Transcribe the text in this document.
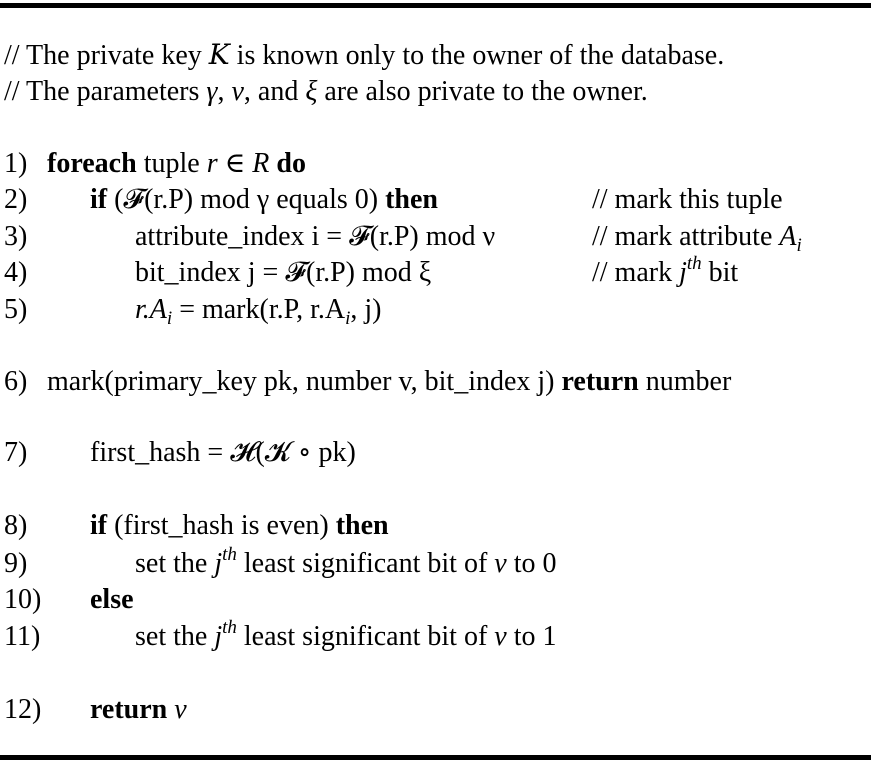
// The private key K is known only to the owner of the database.
// The parameters γ, ν, and ξ are also private to the owner.
1) foreach tuple r ∈ R do
2) if (𝓕(r.P) mod γ equals 0) then	// mark this tuple
3)	attribute_index i = 𝓕(r.P) mod ν	// mark attribute $A_i$
4)	bit_index j = 𝓕(r.P) mod ξ	// mark $j^{th}$ bit
5)	$r.A_i$ = mark(r.P, $r.A_i$, j)
6) mark(primary_key pk, number v, bit_index j) return number
7) first_hash = 𝓗(𝓚 ∘ pk)
8) if (first_hash is even) then
9)	set the $j^{th}$ least significant bit of v to 0
10) else
11)	set the $j^{th}$ least significant bit of v to 1
12) return v
